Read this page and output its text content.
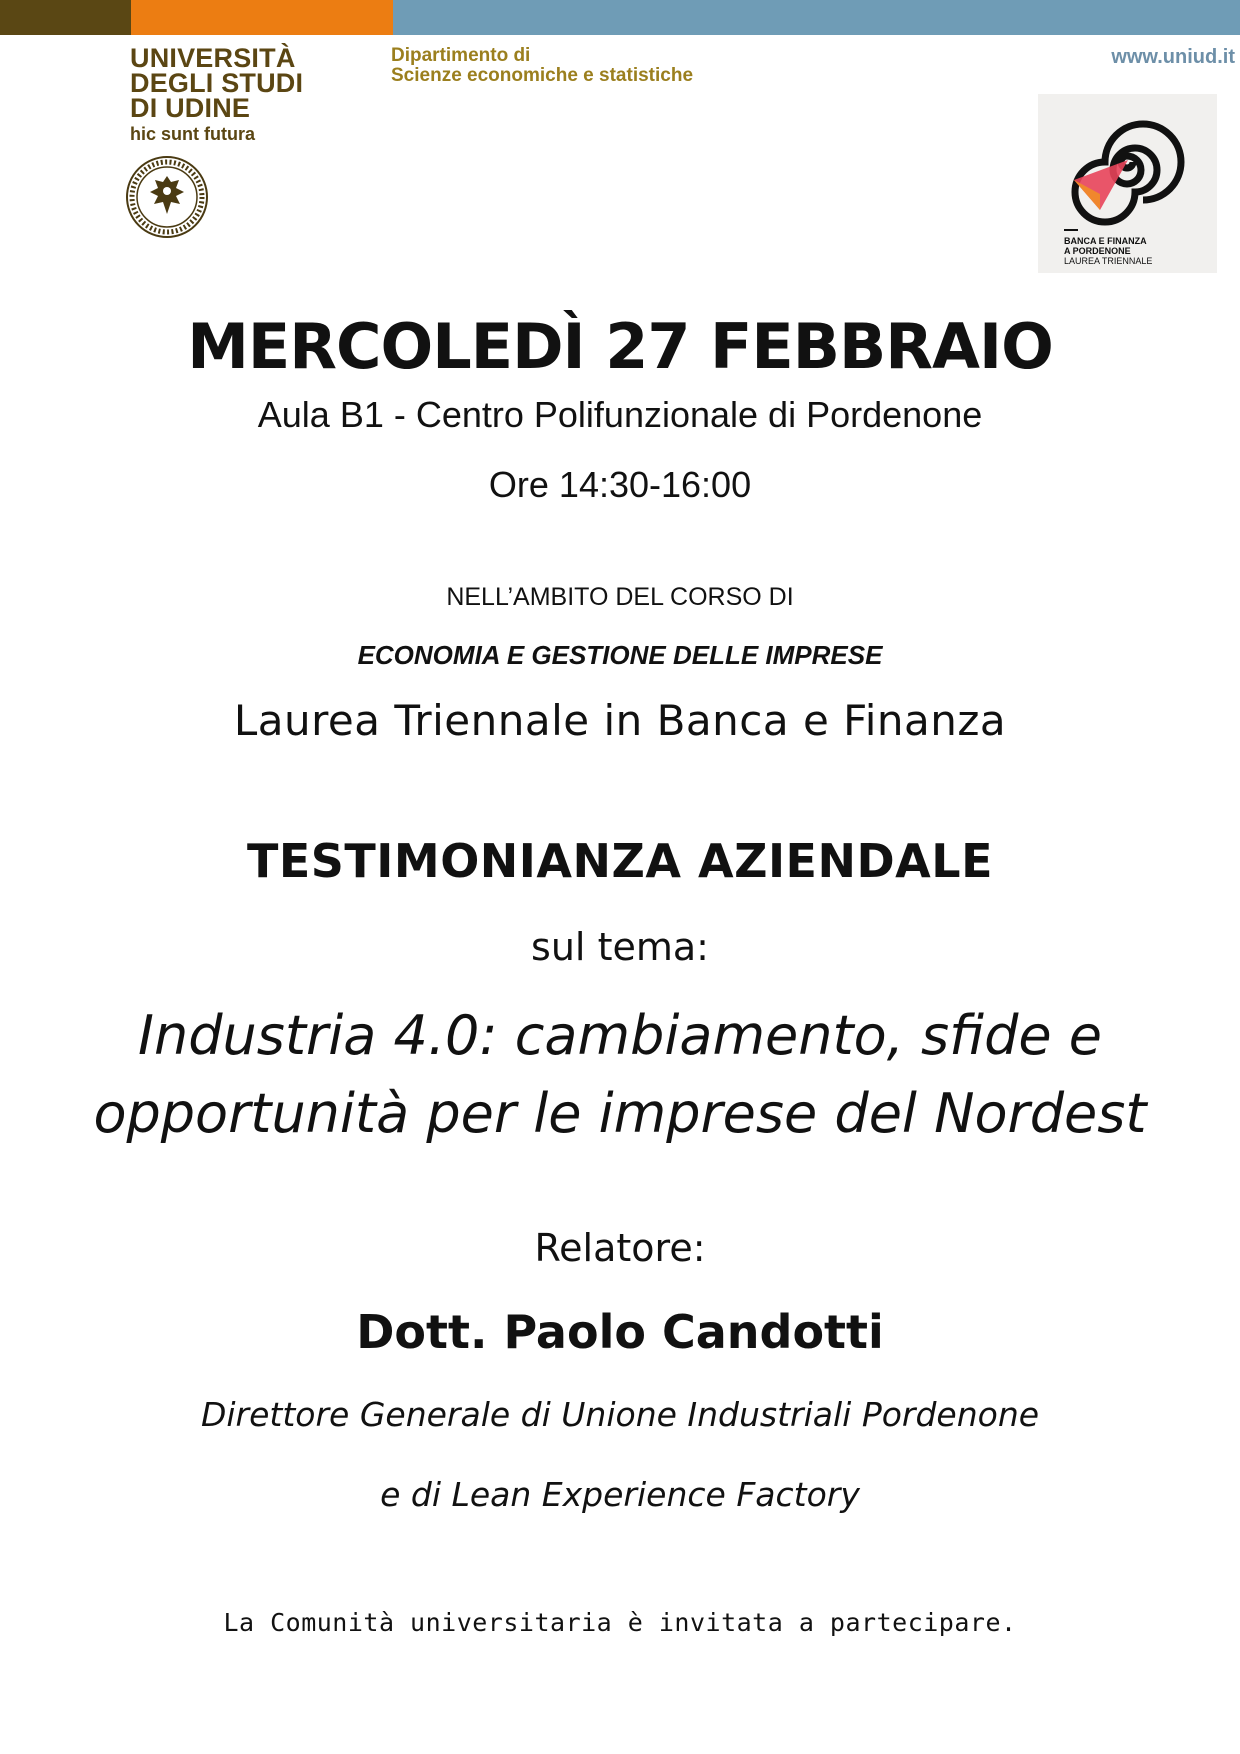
UNIVERSITÀ
DEGLI STUDI
DI UDINE
hic sunt futura
Dipartimento di
Scienze economiche e statistiche
www.uniud.it
BANCA E FINANZA
A PORDENONE
LAUREA TRIENNALE
MERCOLEDÌ 27 FEBBRAIO
Aula B1 - Centro Polifunzionale di Pordenone
Ore 14:30-16:00
NELL’AMBITO DEL CORSO DI
ECONOMIA E GESTIONE DELLE IMPRESE
Laurea Triennale in Banca e Finanza
TESTIMONIANZA AZIENDALE
sul tema:
Industria 4.0: cambiamento, sfide e
opportunità per le imprese del Nordest
Relatore:
Dott. Paolo Candotti
Direttore Generale di Unione Industriali Pordenone
e di Lean Experience Factory
La Comunità universitaria è invitata a partecipare.
